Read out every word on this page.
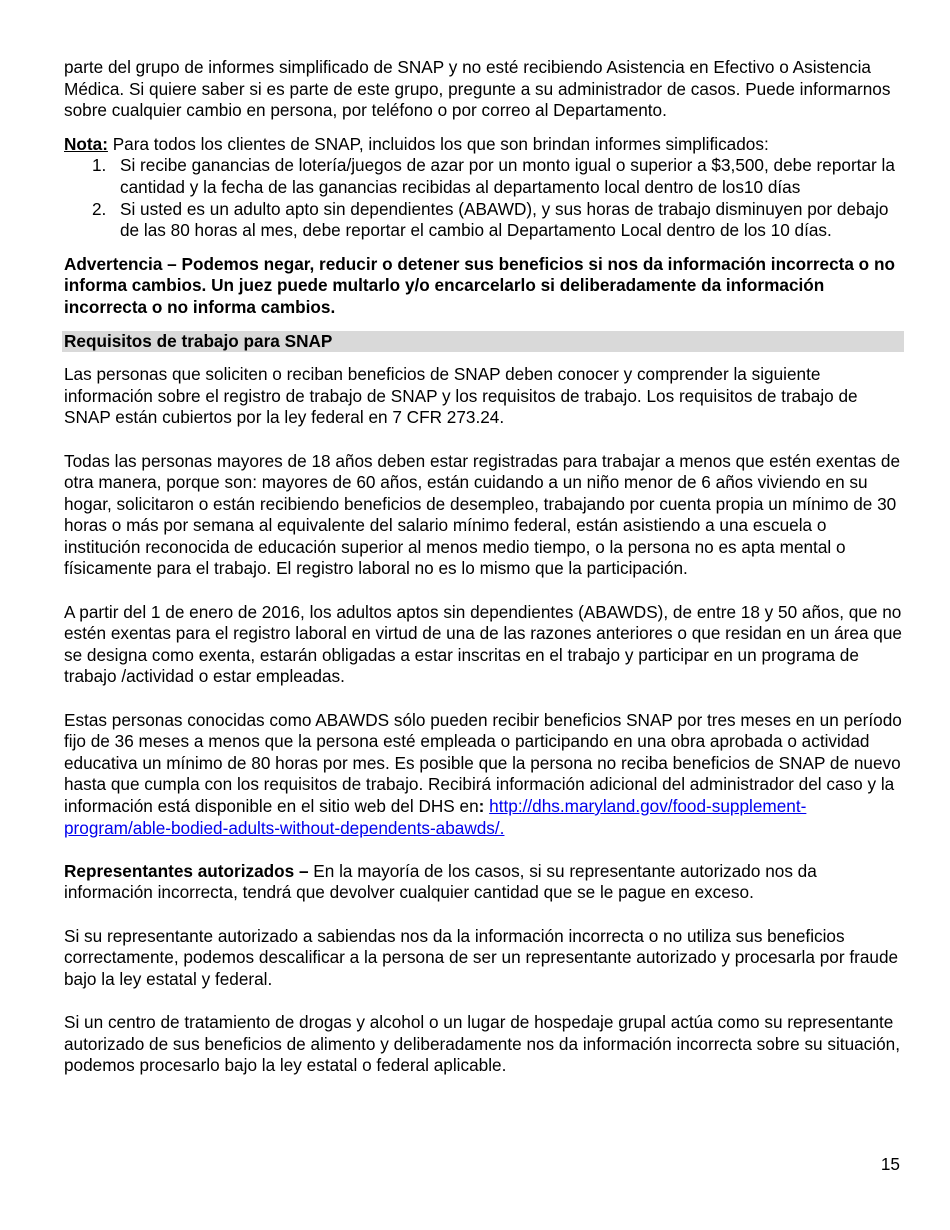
parte del grupo de informes simplificado de SNAP y no esté recibiendo Asistencia en Efectivo o Asistencia Médica. Si quiere saber si es parte de este grupo, pregunte a su administrador de casos. Puede informarnos sobre cualquier cambio en persona, por teléfono o por correo al Departamento.

Nota: Para todos los clientes de SNAP, incluidos los que son brindan informes simplificados:

1. Si recibe ganancias de lotería/juegos de azar por un monto igual o superior a $3,500, debe reportar la cantidad y la fecha de las ganancias recibidas al departamento local dentro de los10 días
2. Si usted es un adulto apto sin dependientes (ABAWD), y sus horas de trabajo disminuyen por debajo de las 80 horas al mes, debe reportar el cambio al Departamento Local dentro de los 10 días.

Advertencia – Podemos negar, reducir o detener sus beneficios si nos da información incorrecta o no informa cambios. Un juez puede multarlo y/o encarcelarlo si deliberadamente da información incorrecta o no informa cambios.

Requisitos de trabajo para SNAP

Las personas que soliciten o reciban beneficios de SNAP deben conocer y comprender la siguiente información sobre el registro de trabajo de SNAP y los requisitos de trabajo. Los requisitos de trabajo de SNAP están cubiertos por la ley federal en 7 CFR 273.24.

Todas las personas mayores de 18 años deben estar registradas para trabajar a menos que estén exentas de otra manera, porque son: mayores de 60 años, están cuidando a un niño menor de 6 años viviendo en su hogar, solicitaron o están recibiendo beneficios de desempleo, trabajando por cuenta propia un mínimo de 30 horas o más por semana al equivalente del salario mínimo federal, están asistiendo a una escuela o institución reconocida de educación superior al menos medio tiempo, o la persona no es apta mental o físicamente para el trabajo. El registro laboral no es lo mismo que la participación.

A partir del 1 de enero de 2016, los adultos aptos sin dependientes (ABAWDS), de entre 18 y 50 años, que no estén exentas para el registro laboral en virtud de una de las razones anteriores o que residan en un área que se designa como exenta, estarán obligadas a estar inscritas en el trabajo y participar en un programa de trabajo /actividad o estar empleadas.

Estas personas conocidas como ABAWDS sólo pueden recibir beneficios SNAP por tres meses en un período fijo de 36 meses a menos que la persona esté empleada o participando en una obra aprobada o actividad educativa un mínimo de 80 horas por mes. Es posible que la persona no reciba beneficios de SNAP de nuevo hasta que cumpla con los requisitos de trabajo. Recibirá información adicional del administrador del caso y la información está disponible en el sitio web del DHS en: http://dhs.maryland.gov/food-supplement-program/able-bodied-adults-without-dependents-abawds/.

Representantes autorizados – En la mayoría de los casos, si su representante autorizado nos da información incorrecta, tendrá que devolver cualquier cantidad que se le pague en exceso.

Si su representante autorizado a sabiendas nos da la información incorrecta o no utiliza sus beneficios correctamente, podemos descalificar a la persona de ser un representante autorizado y procesarla por fraude bajo la ley estatal y federal.

Si un centro de tratamiento de drogas y alcohol o un lugar de hospedaje grupal actúa como su representante autorizado de sus beneficios de alimento y deliberadamente nos da información incorrecta sobre su situación, podemos procesarlo bajo la ley estatal o federal aplicable.

15
